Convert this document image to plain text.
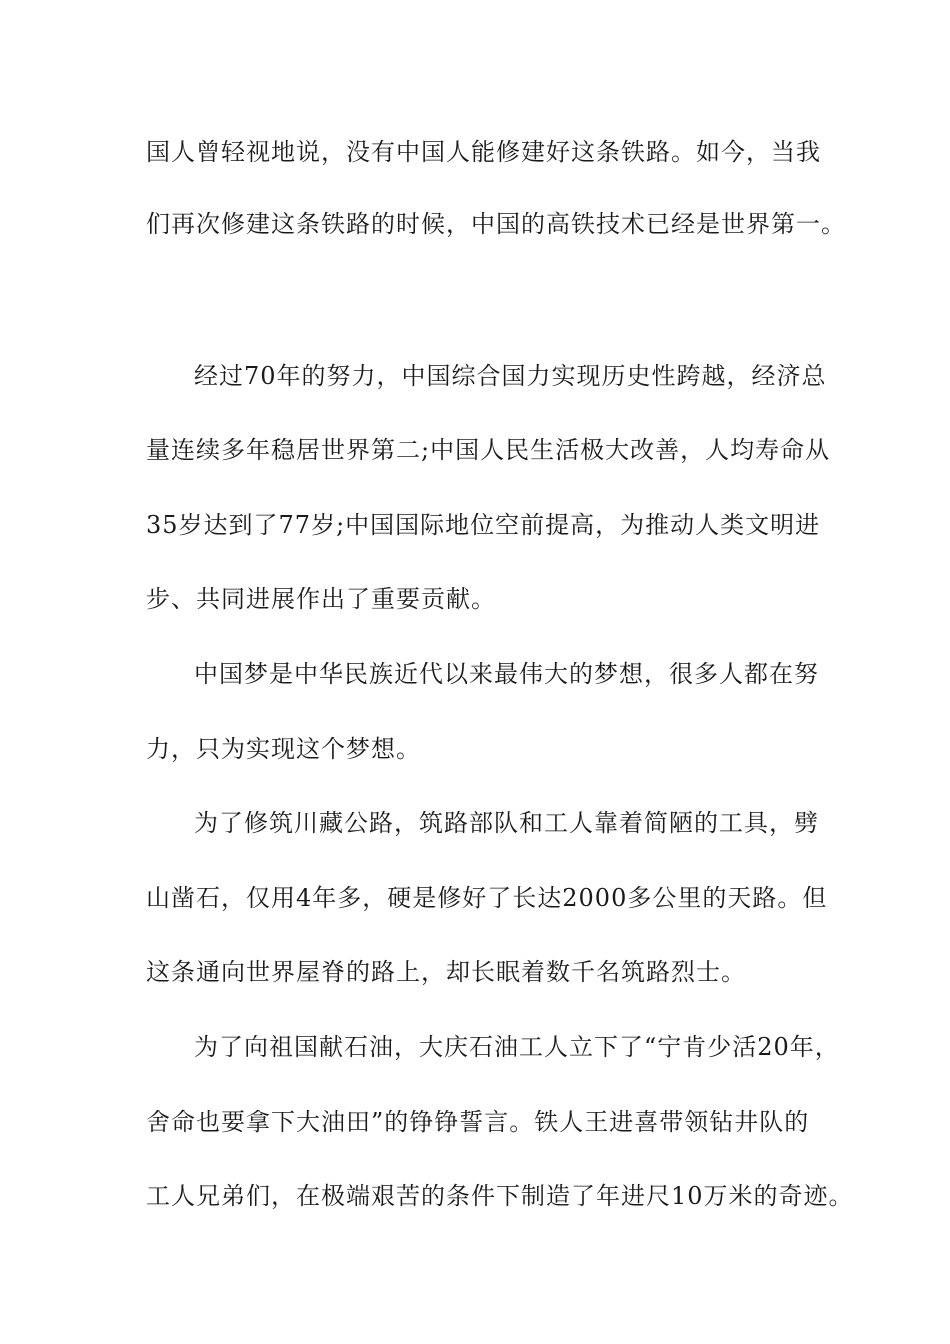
国人曾轻视地说，没有中国人能修建好这条铁路。如今，当我

们再次修建这条铁路的时候，中国的高铁技术已经是世界第一。

经过70年的努力，中国综合国力实现历史性跨越，经济总

量连续多年稳居世界第二;中国人民生活极大改善，人均寿命从

35岁达到了77岁;中国国际地位空前提高，为推动人类文明进

步、共同进展作出了重要贡献。

中国梦是中华民族近代以来最伟大的梦想，很多人都在努

力，只为实现这个梦想。

为了修筑川藏公路，筑路部队和工人靠着简陋的工具，劈

山凿石，仅用4年多，硬是修好了长达2000多公里的天路。但

这条通向世界屋脊的路上，却长眠着数千名筑路烈士。

为了向祖国献石油，大庆石油工人立下了“宁肯少活20年，

舍命也要拿下大油田”的铮铮誓言。铁人王进喜带领钻井队的

工人兄弟们，在极端艰苦的条件下制造了年进尺10万米的奇迹。
